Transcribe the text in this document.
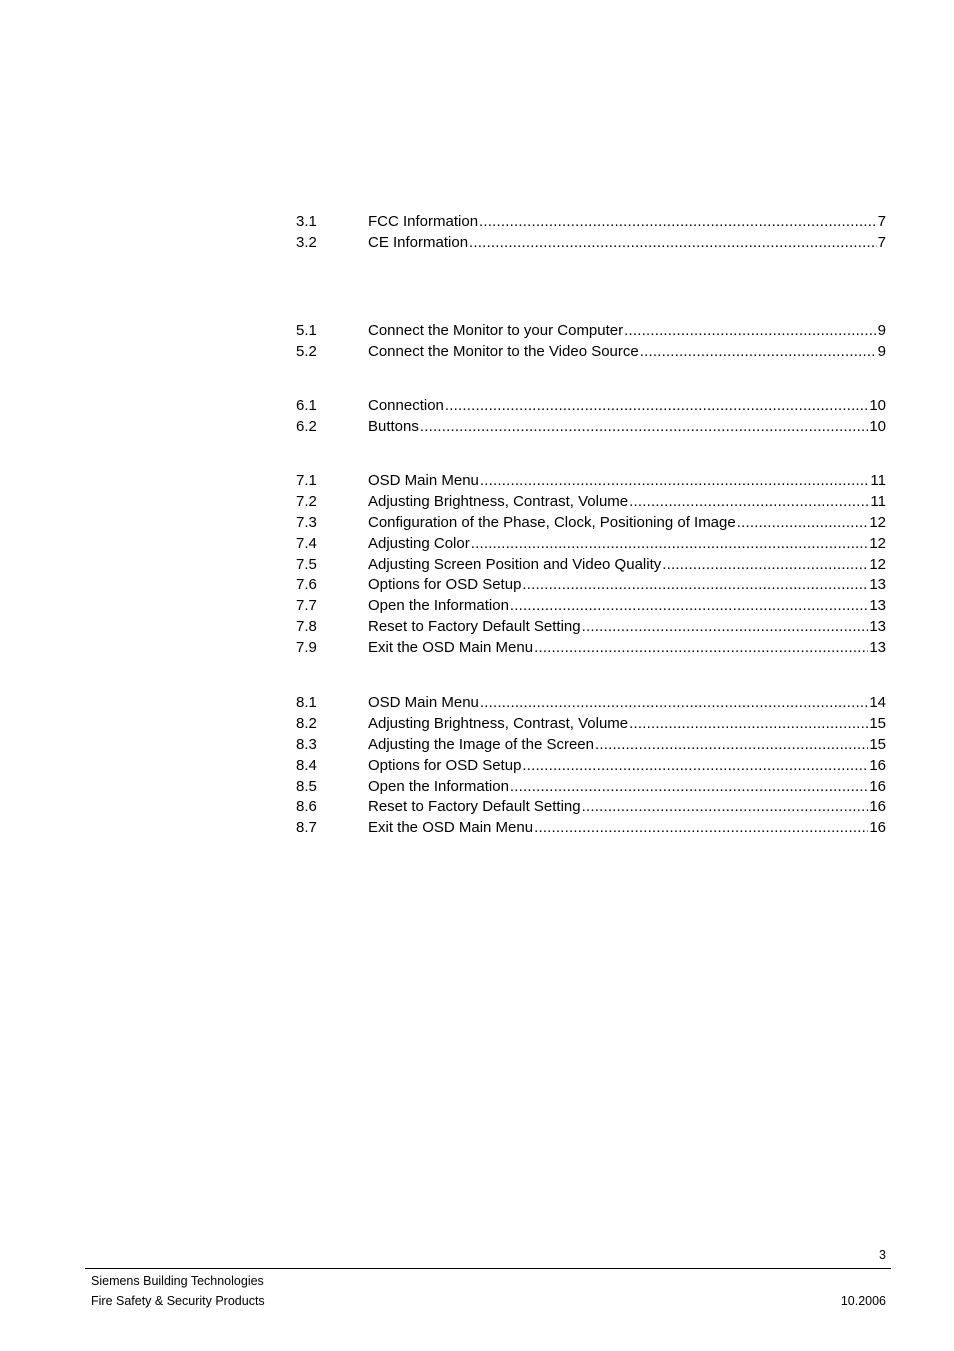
3.1	FCC Information .....	7
3.2	CE Information .....	7
5.1	Connect the Monitor to your Computer .....	9
5.2	Connect the Monitor to the Video Source .....	9
6.1	Connection .....	10
6.2	Buttons .....	10
7.1	OSD Main Menu .....	11
7.2	Adjusting Brightness, Contrast, Volume .....	11
7.3	Configuration of the Phase, Clock, Positioning of Image .....	12
7.4	Adjusting Color .....	12
7.5	Adjusting Screen Position and Video Quality .....	12
7.6	Options for OSD Setup .....	13
7.7	Open the Information .....	13
7.8	Reset to Factory Default Setting .....	13
7.9	Exit the OSD Main Menu .....	13
8.1	OSD Main Menu .....	14
8.2	Adjusting Brightness, Contrast, Volume .....	15
8.3	Adjusting the Image of the Screen .....	15
8.4	Options for OSD Setup .....	16
8.5	Open the Information .....	16
8.6	Reset to Factory Default Setting .....	16
8.7	Exit the OSD Main Menu .....	16
3
Siemens Building Technologies
Fire Safety & Security Products	10.2006
